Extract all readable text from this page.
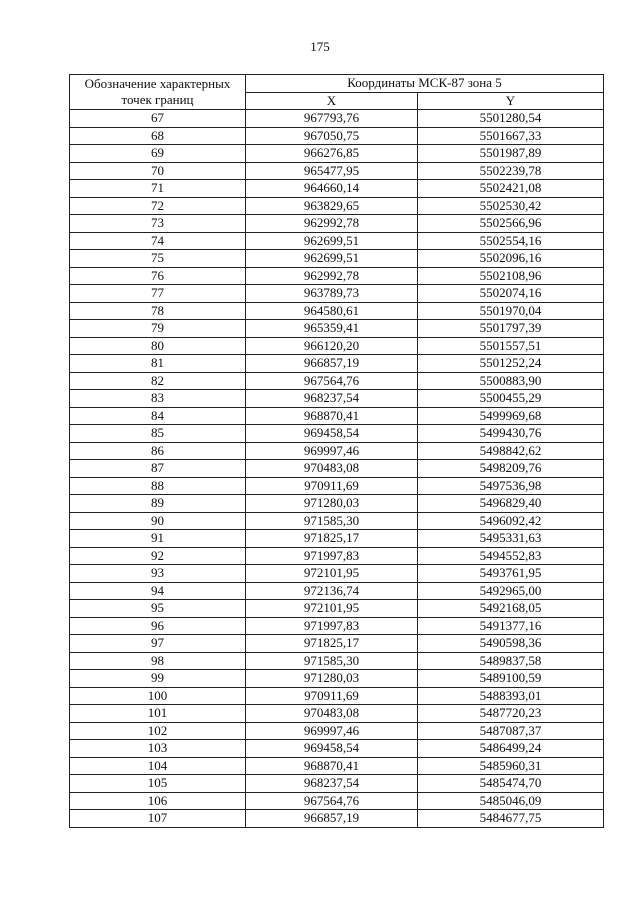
175
Обозначение характерных точек границ	Координаты МСК-87 зона 5	
	X	Y
67	967793,76	5501280,54
68	967050,75	5501667,33
69	966276,85	5501987,89
70	965477,95	5502239,78
71	964660,14	5502421,08
72	963829,65	5502530,42
73	962992,78	5502566,96
74	962699,51	5502554,16
75	962699,51	5502096,16
76	962992,78	5502108,96
77	963789,73	5502074,16
78	964580,61	5501970,04
79	965359,41	5501797,39
80	966120,20	5501557,51
81	966857,19	5501252,24
82	967564,76	5500883,90
83	968237,54	5500455,29
84	968870,41	5499969,68
85	969458,54	5499430,76
86	969997,46	5498842,62
87	970483,08	5498209,76
88	970911,69	5497536,98
89	971280,03	5496829,40
90	971585,30	5496092,42
91	971825,17	5495331,63
92	971997,83	5494552,83
93	972101,95	5493761,95
94	972136,74	5492965,00
95	972101,95	5492168,05
96	971997,83	5491377,16
97	971825,17	5490598,36
98	971585,30	5489837,58
99	971280,03	5489100,59
100	970911,69	5488393,01
101	970483,08	5487720,23
102	969997,46	5487087,37
103	969458,54	5486499,24
104	968870,41	5485960,31
105	968237,54	5485474,70
106	967564,76	5485046,09
107	966857,19	5484677,75
